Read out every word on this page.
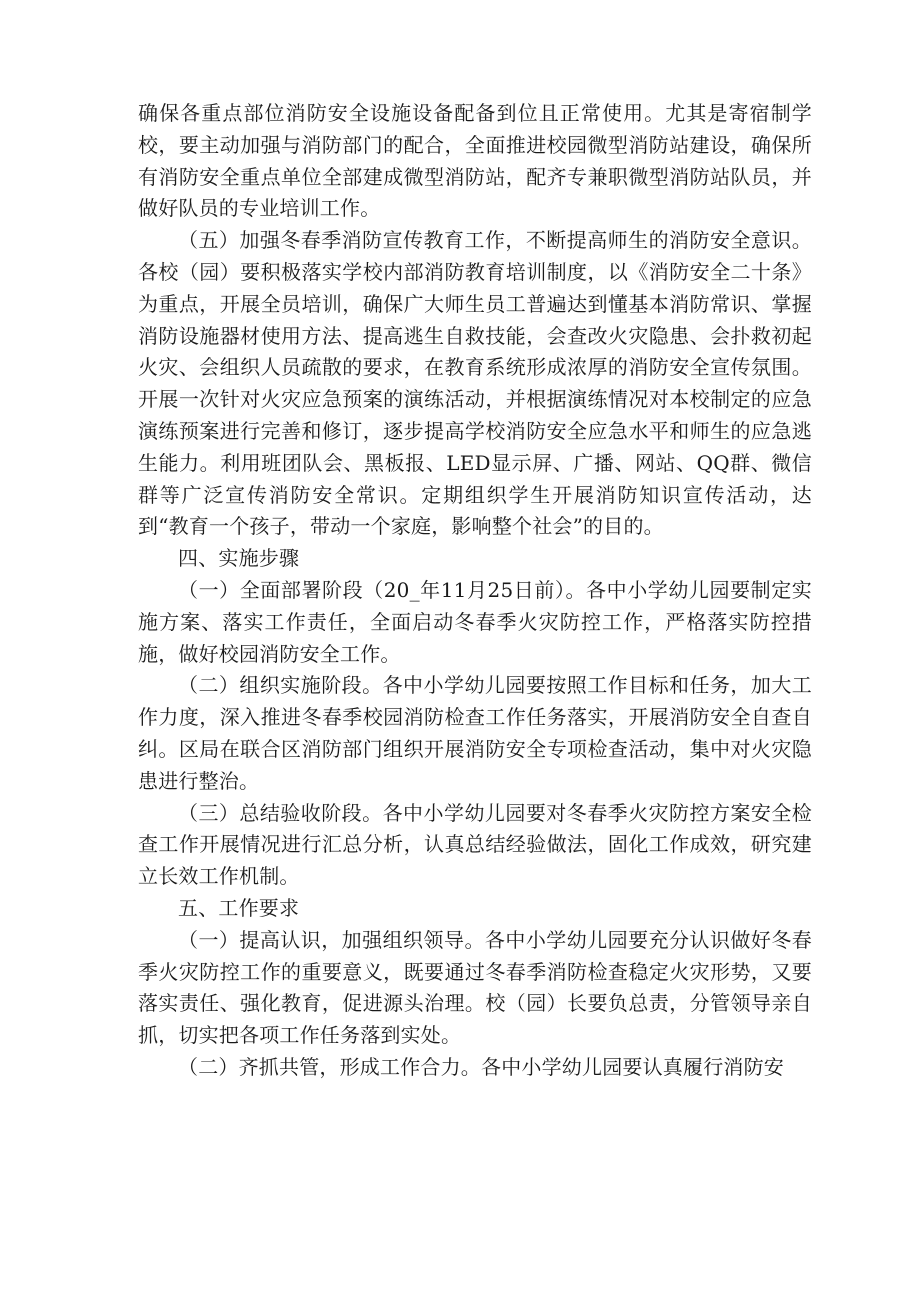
确保各重点部位消防安全设施设备配备到位且正常使用。尤其是寄宿制学校，要主动加强与消防部门的配合，全面推进校园微型消防站建设，确保所有消防安全重点单位全部建成微型消防站，配齐专兼职微型消防站队员，并做好队员的专业培训工作。

（五）加强冬春季消防宣传教育工作，不断提高师生的消防安全意识。各校（园）要积极落实学校内部消防教育培训制度，以《消防安全二十条》为重点，开展全员培训，确保广大师生员工普遍达到懂基本消防常识、掌握消防设施器材使用方法、提高逃生自救技能，会查改火灾隐患、会扑救初起火灾、会组织人员疏散的要求，在教育系统形成浓厚的消防安全宣传氛围。开展一次针对火灾应急预案的演练活动，并根据演练情况对本校制定的应急演练预案进行完善和修订，逐步提高学校消防安全应急水平和师生的应急逃生能力。利用班团队会、黑板报、LED显示屏、广播、网站、QQ群、微信群等广泛宣传消防安全常识。定期组织学生开展消防知识宣传活动，达到“教育一个孩子，带动一个家庭，影响整个社会”的目的。

四、实施步骤

（一）全面部署阶段（20_年11月25日前）。各中小学幼儿园要制定实施方案、落实工作责任，全面启动冬春季火灾防控工作，严格落实防控措施，做好校园消防安全工作。

（二）组织实施阶段。各中小学幼儿园要按照工作目标和任务，加大工作力度，深入推进冬春季校园消防检查工作任务落实，开展消防安全自查自纠。区局在联合区消防部门组织开展消防安全专项检查活动，集中对火灾隐患进行整治。

（三）总结验收阶段。各中小学幼儿园要对冬春季火灾防控方案安全检查工作开展情况进行汇总分析，认真总结经验做法，固化工作成效，研究建立长效工作机制。

五、工作要求

（一）提高认识，加强组织领导。各中小学幼儿园要充分认识做好冬春季火灾防控工作的重要意义，既要通过冬春季消防检查稳定火灾形势，又要落实责任、强化教育，促进源头治理。校（园）长要负总责，分管领导亲自抓，切实把各项工作任务落到实处。

（二）齐抓共管，形成工作合力。各中小学幼儿园要认真履行消防安
